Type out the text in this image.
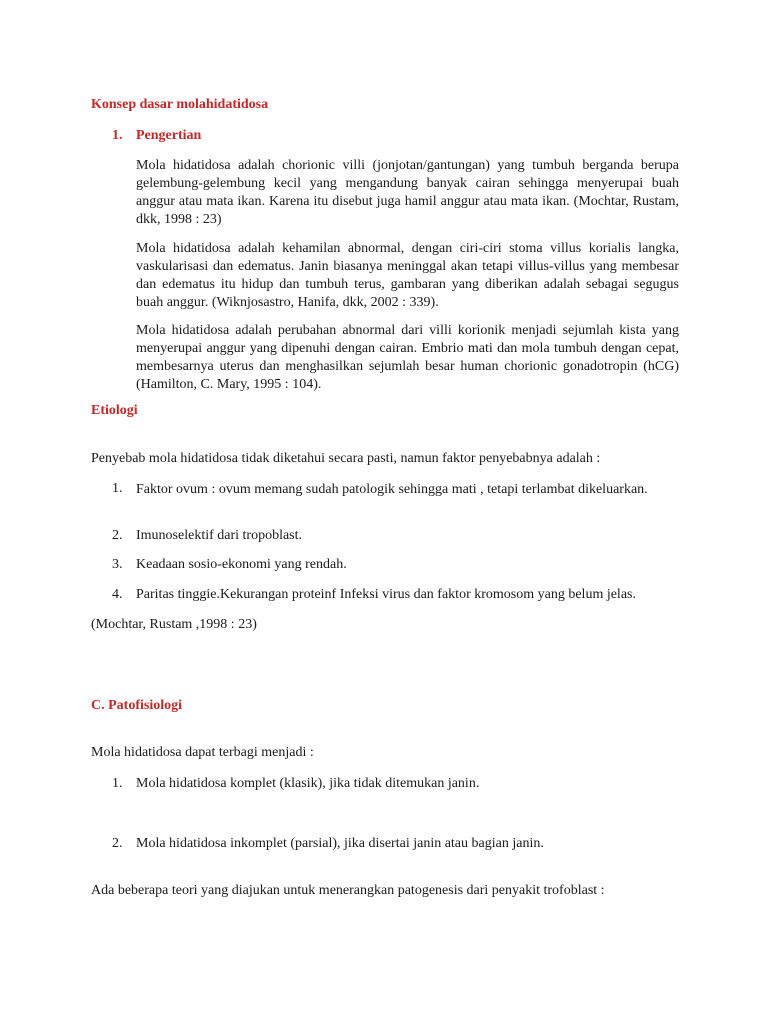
Konsep dasar molahidatidosa
1. Pengertian
Mola hidatidosa adalah chorionic villi (jonjotan/gantungan) yang tumbuh berganda berupa gelembung-gelembung kecil yang mengandung banyak cairan sehingga menyerupai buah anggur atau mata ikan. Karena itu disebut juga hamil anggur atau mata ikan. (Mochtar, Rustam, dkk, 1998 : 23)
Mola hidatidosa adalah kehamilan abnormal, dengan ciri-ciri stoma villus korialis langka, vaskularisasi dan edematus. Janin biasanya meninggal akan tetapi villus-villus yang membesar dan edematus itu hidup dan tumbuh terus, gambaran yang diberikan adalah sebagai segugus buah anggur. (Wiknjosastro, Hanifa, dkk, 2002 : 339).
Mola hidatidosa adalah perubahan abnormal dari villi korionik menjadi sejumlah kista yang menyerupai anggur yang dipenuhi dengan cairan. Embrio mati dan mola tumbuh dengan cepat, membesarnya uterus dan menghasilkan sejumlah besar human chorionic gonadotropin (hCG) (Hamilton, C. Mary, 1995 : 104).
Etiologi
Penyebab mola hidatidosa tidak diketahui secara pasti, namun faktor penyebabnya adalah :
1. Faktor ovum : ovum memang sudah patologik sehingga mati , tetapi terlambat dikeluarkan.
2. Imunoselektif dari tropoblast.
3. Keadaan sosio-ekonomi yang rendah.
4. Paritas tinggie.Kekurangan proteinf Infeksi virus dan faktor kromosom yang belum jelas.
(Mochtar, Rustam ,1998 : 23)
C. Patofisiologi
Mola hidatidosa dapat terbagi menjadi :
1. Mola hidatidosa komplet (klasik), jika tidak ditemukan janin.
2. Mola hidatidosa inkomplet (parsial), jika disertai janin atau bagian janin.
Ada beberapa teori yang diajukan untuk menerangkan patogenesis dari penyakit trofoblast :
